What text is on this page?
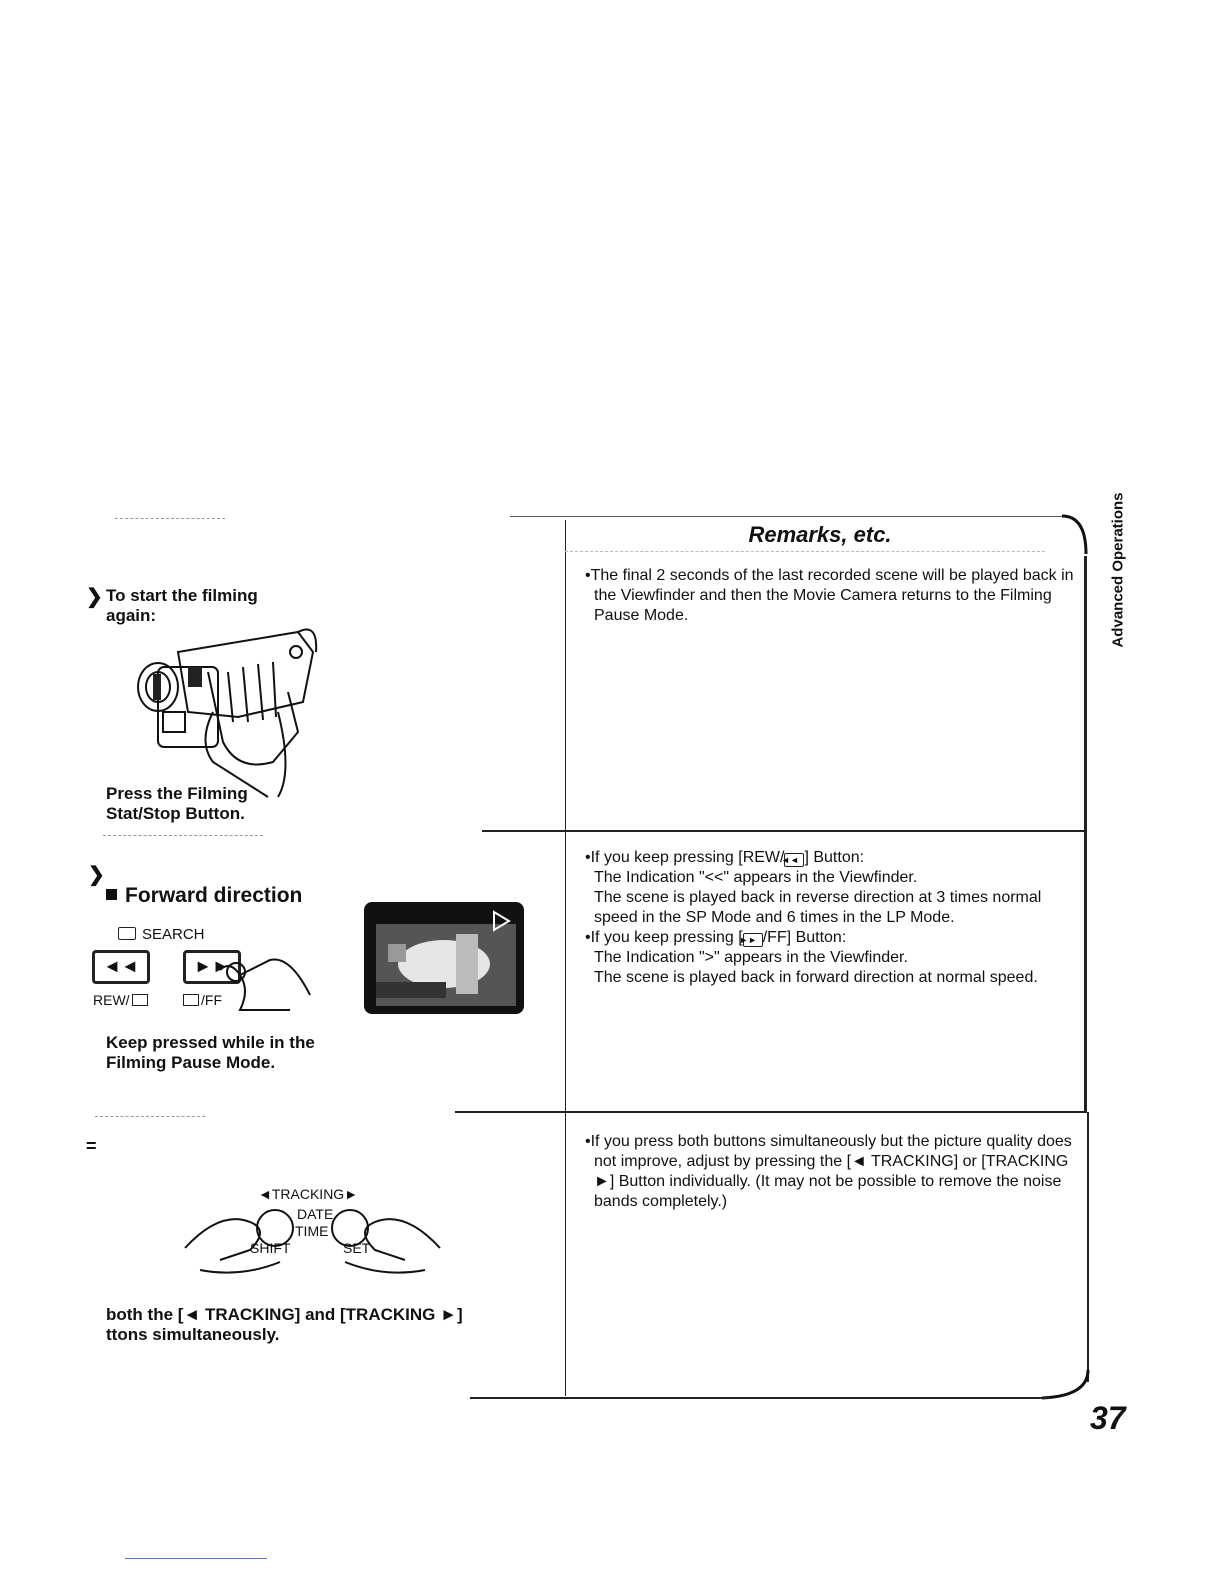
Advanced Operations
37
Remarks, etc.
❯ To start the filming again:
Press the Filming Stat/Stop Button.
❯
Forward direction
SEARCH
◄◄	►►
REW/	/FF
Keep pressed while in the Filming Pause Mode.
=
◄TRACKING►
DATE
TIME
SHIFT	SET
both the [◄ TRACKING] and [TRACKING ►]
ttons simultaneously.

•The final 2 seconds of the last recorded scene will be played back in the Viewfinder and then the Movie Camera returns to the Filming Pause Mode.

•If you keep pressing [REW/◄◄ ] Button:

The Indication "<<" appears in the Viewfinder.

The scene is played back in reverse direction at 3 times normal speed in the SP Mode and 6 times in the LP Mode.

•If you keep pressing [►► /FF] Button:

The Indication ">" appears in the Viewfinder.

The scene is played back in forward direction at normal speed.

•If you press both buttons simultaneously but the picture quality does not improve, adjust by pressing the [◄ TRACKING] or [TRACKING ►] Button individually. (It may not be possible to remove the noise bands completely.)
